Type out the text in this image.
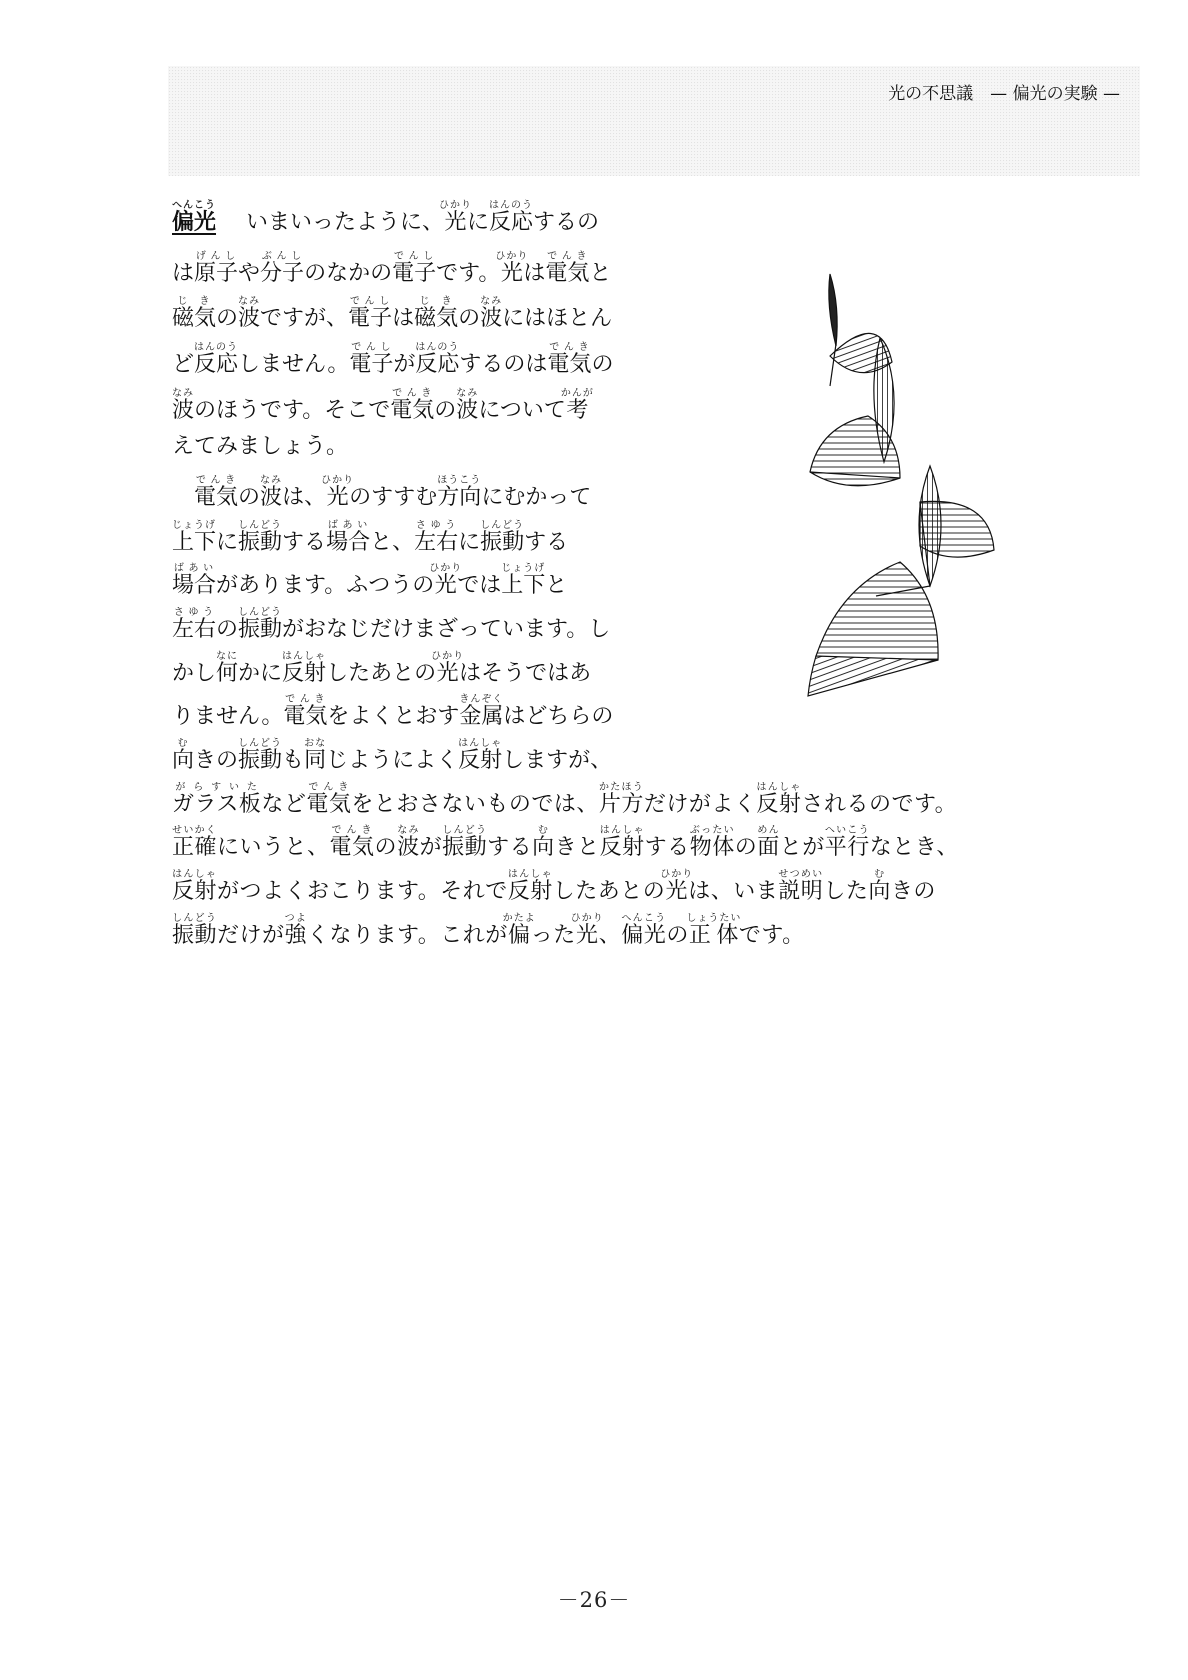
光の不思議　— 偏光の実験 —

偏光へんこういまいったように、光ひかりに反応はんのうするの

は原子げんしや分子ぶんしのなかの電子でんしです。光ひかりは電気でんきと

磁気じきの波なみですが、電子でんしは磁気じきの波なみにはほとん

ど反応はんのうしません。電子でんしが反応はんのうするのは電気でんきの

波なみのほうです。そこで電気でんきの波なみについて考かんが

えてみましょう。

　電気でんきの波なみは、光ひかりのすすむ方向ほうこうにむかって

上下じょうげに振動しんどうする場合ばあいと、左右さゆうに振動しんどうする

場合ばあいがあります。ふつうの光ひかりでは上下じょうげと

左右さゆうの振動しんどうがおなじだけまざっています。し

かし何なにかに反射はんしゃしたあとの光ひかりはそうではあ

りません。電気でんきをよくとおす金属きんぞくはどちらの

向むきの振動しんどうも同おなじようによく反射はんしゃしますが、

ガラス板がらすいたなど電気でんきをとおさないものでは、片方かたほうだけがよく反射はんしゃされるのです。

正確せいかくにいうと、電気でんきの波なみが振動しんどうする向むきと反射はんしゃする物体ぶったいの面めんとが平行へいこうなとき、

反射はんしゃがつよくおこります。それで反射はんしゃしたあとの光ひかりは、いま説明せつめいした向むきの

振動しんどうだけが強つよくなります。これが偏かたよった光ひかり、偏光へんこうの正体しょうたいです。

－26－
